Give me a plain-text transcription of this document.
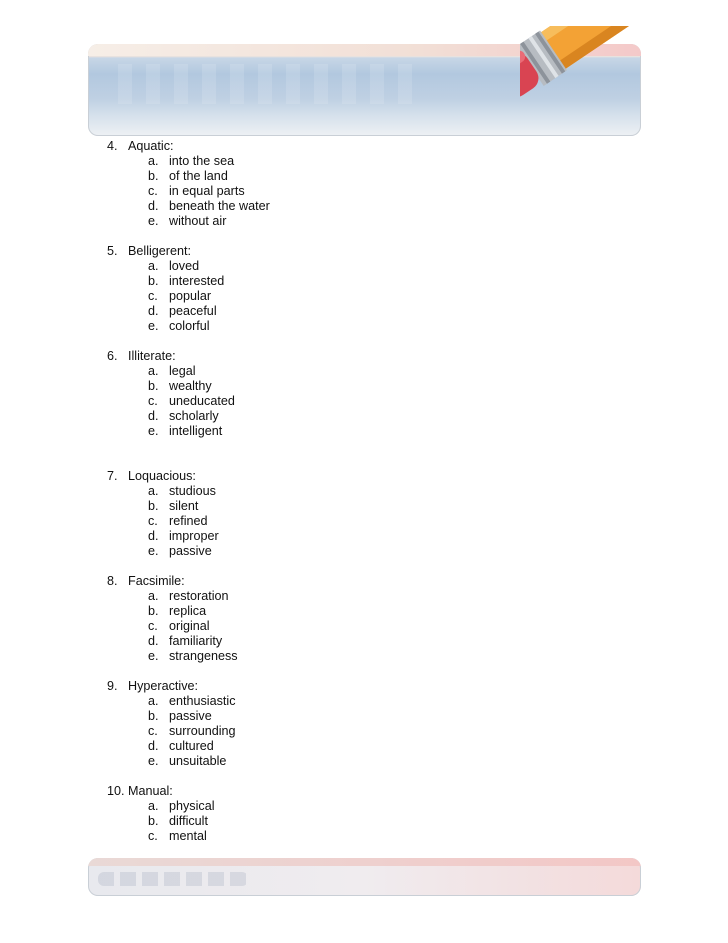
4. Aquatic:
a. into the sea
b. of the land
c. in equal parts
d. beneath the water
e. without air
5. Belligerent:
a. loved
b. interested
c. popular
d. peaceful
e. colorful
6. Illiterate:
a. legal
b. wealthy
c. uneducated
d. scholarly
e. intelligent
7. Loquacious:
a. studious
b. silent
c. refined
d. improper
e. passive
8. Facsimile:
a. restoration
b. replica
c. original
d. familiarity
e. strangeness
9. Hyperactive:
a. enthusiastic
b. passive
c. surrounding
d. cultured
e. unsuitable
10. Manual:
a. physical
b. difficult
c. mental
